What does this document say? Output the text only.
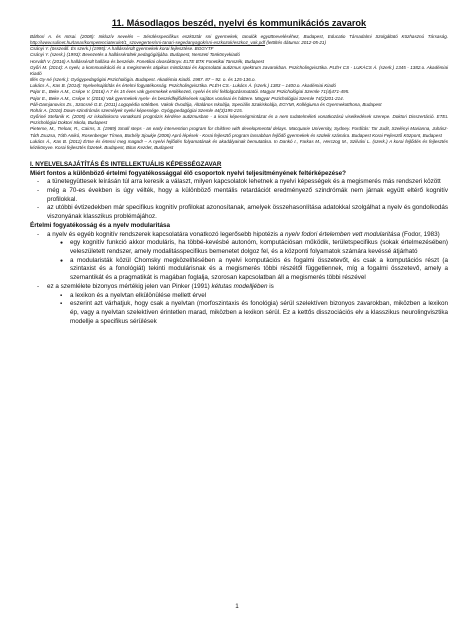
11. Másodlagos beszéd, nyelvi és kommunikációs zavarok

Báthori A. és mtsai. (2008): Inkluzív nevelés – Sérülésspecifikus eszköztár sni gyermekek, tanulók együttneveléséhez, Budapest, Educatio Társadalmi Szolgáltató Közhasznú Társaság. http://www.sulinet.hu/tanar/kompetenciaterulet/1_szovegertes/sni-tanari-segedanyagok/sni-eszkozok/eszkoz_vak.pdf (letöltés dátuma: 2012-05-21)

Csányi Y. (összeáll. És szerk.) (1995): A hallássérült gyermekek korai fejlesztése. BGGYTF

Csányi Y. (szerk.) (1993): Bevezetés a hallássérültek pedagógiájába. Budapest, Nemzeti Tankönyvkiadó

Horváth V. (2016) A hallássérült hallása és beszéde. Fonetikai olvasókönyv. ELTE BTK Fonetikai Tanszék, Budapest

Győri M. (2014): A nyelv, a kommunikáció és a megismerés atipikus mintázatai és kapcsolatai autizmus spektrum zavarokban. Pszicholingvisztika. PLÉH CS - LUKÁCS Á. (szerk.) 1345 - 1382.o. Akadémiai Kiadó

Illés Gy-né (szerk.): Gyógypedagógiai Pszichológia. Budapest. Akadémia Kiadó. 1987. 87 – 92. o. és 125-136.o.

Lukács Á., Kas B. (2014): Nyelvelsajátítás és értelmi fogyatékosság. Pszicholingvisztika. PLÉH CS.- Lukács Á. (szerk.) 1383 – 1400.o. Akadémiai Kiadó

Pajor E., Beke A.M., Csépe V. (2016) A 7 és 15 éves vak gyermekek emlékezeti, nyelvi és téri feldolgozásmutatói. Magyar Pszichológiai Szemle 71(4)471-495.

Pajor E., Beke A.M., Csépe V. (2016) Vak gyermekek nyelv- és beszédfejlődésének sajátos vonásai és háttere. Magyar Pszichológiai Szemle 74(2)201-214.

Páli-Damjanovics Zs., Szücsné G.E. (2011) Logopédia sötétben. Vakok Óvodája, Általános Iskolája, Speciális Szakiskolája, EGYMI, Kollégiuma és Gyermekotthona, Budapest

Rohár A. (2016) Down-szindrómás személyek nyelvi képessége. Gyógypedagógiai Szemle 44(3)195-215.

Győriné Stefanik K. (2005) Az iskoláskorra vonatkozó prognózis kérdése autizmusban - a korai képességmintázat és a nem tudatelméleti vonatkozású viselkedések szerepe. Doktori Disszertáció. ETEL Pszichológiai Doktori Iskola, Budapest

Pieterse, M., Treloar, R., Cairns, S. (1989) Small steps - an early intervention program for children with developmental delays. Macquarie University, Sydney. Fordítás: Tar Judit, Szelényi Marianna, Juhász-Tóth Zsuzsa, Tóth Anikó, Rosenberger Tímea, Borbély Sjoukje (2006) Apró lépések - Korai fejlesztő program lassabban fejlődő gyermekek és szüleik számára. Budapest Korai Fejlesztő Központ, Budapest

Lukács Á., Kas B. (2011) Értse és értessi meg magad! – A nyelvi fejlődés folyamatának és akadályainak bemutatása. In Dankó I., Farkas M., Herczog M., Szilvási L. (szerk.) A korai fejlődés és fejlesztés kézikönyve. Korai fejlesztés füzetek. Budapest, Bitus Kezdet, Budapest

I. NYELVELSAJÁTÍTÁS ÉS INTELLEKTUÁLIS KÉPESSÉGZAVAR

Miért fontos a különböző értelmi fogyatékossággal élő csoportok nyelvi teljesítményének feltérképezése?

- a tünetegyüttesek leírásán túl arra keresik a választ, milyen kapcsolatok lehetnek a nyelvi képességek és a megismerés más rendszeri között
- még a 70-es években is úgy vélték, hogy a különböző mentális retardációt eredményező szindrómák nem járnak együtt eltérő kognitív profilokkal.
- az utóbbi évtizedekben már specifikus kognitív profilokat azonosítanak, amelyek összehasonlítása adatokkal szolgálhat a nyelv és gondolkodás viszonyának klasszikus problémájához.

Értelmi fogyatékosság és a nyelv modularitása

- a nyelv és egyéb kognitív rendszerek kapcsolatára vonatkozó legerősebb hipotézis a nyelv fodori értelemben vett modularitása (Fodor, 1983)
● egy kognitív funkció akkor moduláris, ha többé-kevésbé autonóm, komputációsan működik, területspecifikus (sokak értelmezésében) veleszületett rendszer, amely modalitásspecifikus bemenetet dolgoz fel, és a központi folyamatok számára kevéssé átjárható
● a modularisták közül Chomsky megközelítésében a nyelvi komputációs és fogalmi összetevőt, és csak a komputációs részt (a szintaxist és a fonológiát) tekinti modulárisnak és a megismerés többi részétől függetlennek, míg a fogalmi összetevő, amely a szemantikát és a pragmatikát is magában foglalja, szorosan kapcsolatban áll a megismerés többi részével
- ez a szemlélete bizonyos mértékig jelen van Pinker (1991) kétutas modelljében is
▪ a lexikon és a nyelvtan elkülönülése mellett érvel
▪ eszerint azt várhatjuk, hogy csak a nyelvtan (morfoszintaxis és fonológia) sérül szelektíven bizonyos zavarokban, miközben a lexikon ép, vagy a nyelvtan szelektíven érintetlen marad, miközben a lexikon sérül. Ez a kettős disszociációs elv a klasszikus neurolingvisztika modellje a specifikus sérülések
1
